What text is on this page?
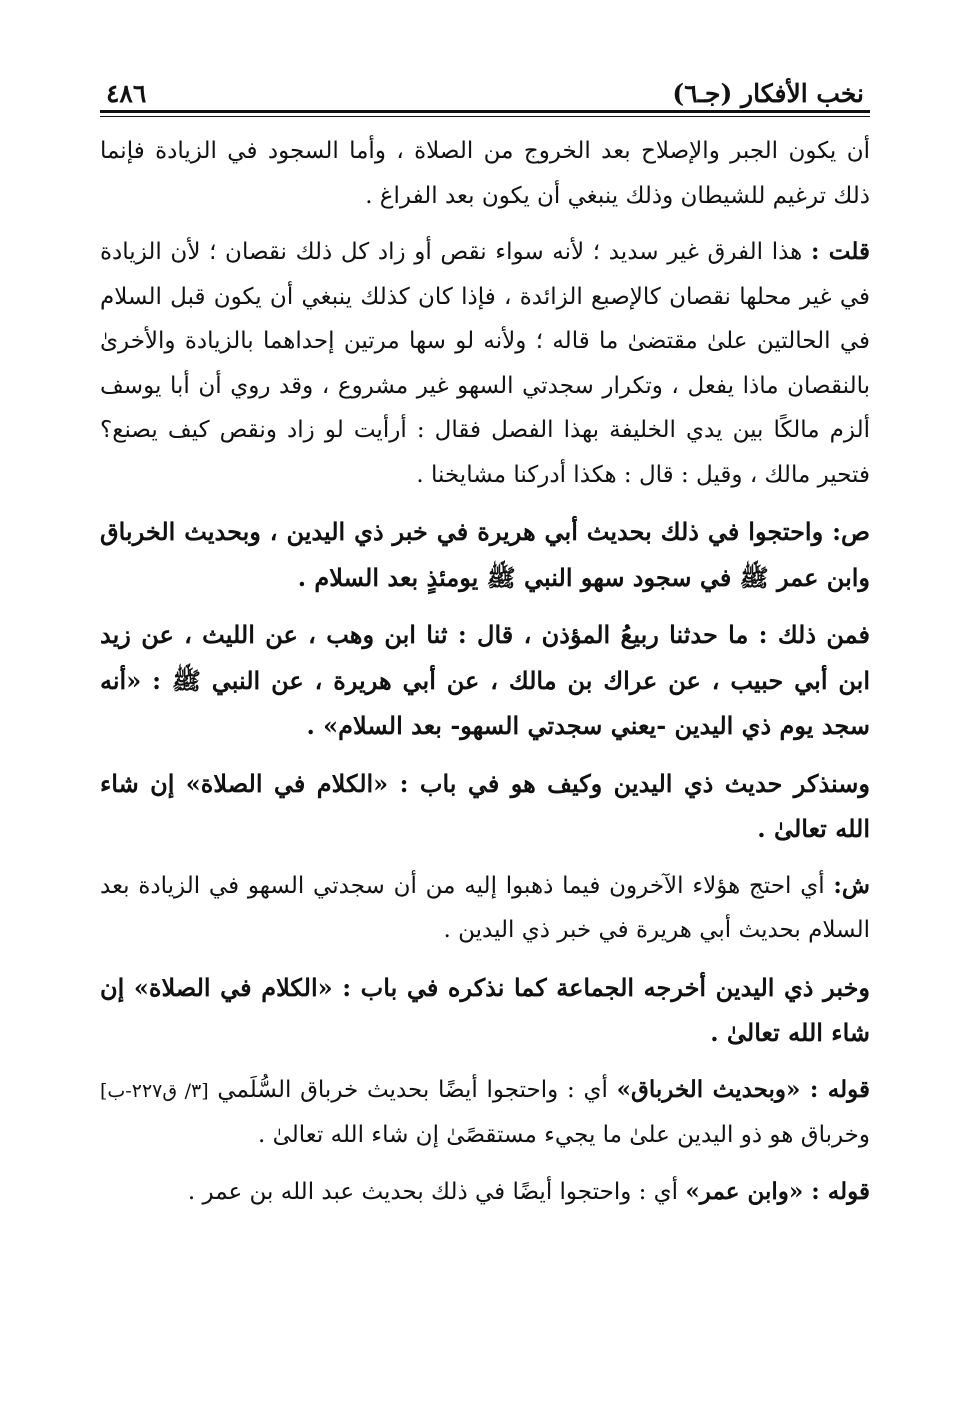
نخب الأفكار (جـ٦)
٤٨٦

أن يكون الجبر والإصلاح بعد الخروج من الصلاة ، وأما السجود في الزيادة فإنما ذلك ترغيم للشيطان وذلك ينبغي أن يكون بعد الفراغ .

قلت : هذا الفرق غير سديد ؛ لأنه سواء نقص أو زاد كل ذلك نقصان ؛ لأن الزيادة في غير محلها نقصان كالإصبع الزائدة ، فإذا كان كذلك ينبغي أن يكون قبل السلام في الحالتين علىٰ مقتضىٰ ما قاله ؛ ولأنه لو سها مرتين إحداهما بالزيادة والأخرىٰ بالنقصان ماذا يفعل ، وتكرار سجدتي السهو غير مشروع ، وقد روي أن أبا يوسف ألزم مالكًا بين يدي الخليفة بهذا الفصل فقال : أرأيت لو زاد ونقص كيف يصنع؟ فتحير مالك ، وقيل : قال : هكذا أدركنا مشايخنا .

ص: واحتجوا في ذلك بحديث أبي هريرة في خبر ذي اليدين ، وبحديث الخرباق وابن عمر ﷺ في سجود سهو النبي ﷺ يومئذٍ بعد السلام .

فمن ذلك : ما حدثنا ربيعُ المؤذن ، قال : ثنا ابن وهب ، عن الليث ، عن زيد ابن أبي حبيب ، عن عراك بن مالك ، عن أبي هريرة ، عن النبي ﷺ : «أنه سجد يوم ذي اليدين -يعني سجدتي السهو- بعد السلام» .

وسنذكر حديث ذي اليدين وكيف هو في باب : «الكلام في الصلاة» إن شاء الله تعالىٰ .

ش: أي احتج هؤلاء الآخرون فيما ذهبوا إليه من أن سجدتي السهو في الزيادة بعد السلام بحديث أبي هريرة في خبر ذي اليدين .

وخبر ذي اليدين أخرجه الجماعة كما نذكره في باب : «الكلام في الصلاة» إن شاء الله تعالىٰ .

قوله : «وبحديث الخرباق» أي : واحتجوا أيضًا بحديث خرباق السُّلَمي [٣/ ق٢٢٧-ب] وخرباق هو ذو اليدين علىٰ ما يجيء مستقصًىٰ إن شاء الله تعالىٰ .

قوله : «وابن عمر» أي : واحتجوا أيضًا في ذلك بحديث عبد الله بن عمر .
